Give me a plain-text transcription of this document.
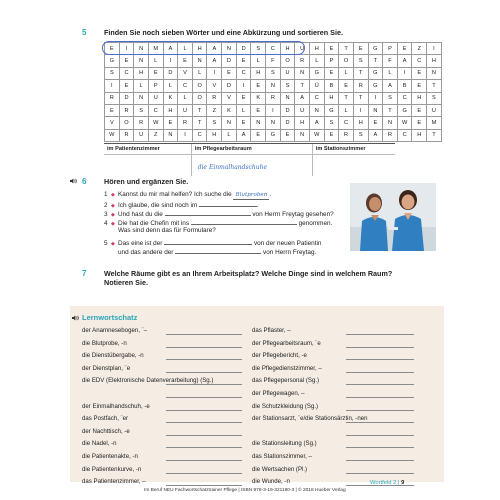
5 Finden Sie noch sieben Wörter und eine Abkürzung und sortieren Sie.
E	I	N	M	A	L	H	A	N	D	S	C	H	U	H	E	T	E	G	P	E	Z	I
G	E	N	L	I	E	N	A	D	E	L	F	O	R	L	P	O	S	T	F	A	C	H
S	C	H	E	D	V	L	I	E	C	H	S	U	N	G	E	L	T	G	L	I	E	N
I	E	L	P	L	C	O	V	D	I	E	N	S	T	Ü	B	E	R	G	A	B	E	T
R	D	N	U	K	L	O	R	V	E	K	R	N	A	C	H	T	T	I	S	C	H	S
E	R	S	C	H	U	T	Z	K	L	E	I	D	U	N	G	L	I	N	T	G	E	U
V	O	R	W	E	R	T	S	N	E	N	N	D	H	A	S	C	H	E	N	W	E	M
W	R	U	Z	N	I	C	H	L	A	E	G	E	N	W	E	R	S	A	R	C	H	T
im Patientenzimmer	im Pflegearbeitsraum	im Stationszimmer
	die Einmalhandschuhe	
6 Hören und ergänzen Sie.
1 ◆ Kannst du mir mal helfen? Ich suche die Blutproben .
2 ◆ Ich glaube, die sind noch im	.
3 ◆ Und hast du die	von Herrn Freytag gesehen?
4 ◆ Die hat die Chefin mit ins	genommen.
Was sind denn das für Formulare?
5 ◆ Das eine ist der	von der neuen Patientin
und das andere der	von Herrn Freytag.
7 Welche Räume gibt es an Ihrem Arbeitsplatz? Welche Dinge sind in welchem Raum? Notieren Sie.
Lernwortschatz
der Anamnesebogen, ¨–
die Blutprobe, -n
die Dienstübergabe, -n
der Dienstplan, ¨e
die EDV (Elektronische Datenverarbeitung) (Sg.)
der Einmalhandschuh, -e
das Postfach, ¨er
der Nachttisch, -e
die Nadel, -n
die Patientenakte, -n
die Patientenkurve, -n
das Patientenzimmer, –
das Pflaster, –
der Pflegearbeitsraum, ¨e
der Pflegebericht, -e
die Pflegedienstzimmer, –
das Pflegepersonal (Sg.)
der Pflegewagen, –
die Schutzkleidung (Sg.)
der Stationsarzt, ¨e/die Stationsärztin, -nen
die Stationsleitung (Sg.)
das Stationszimmer, –
die Wertsachen (Pl.)
die Wunde, -n	Wortfeld 2 | 9
Im Beruf NEU Fachwortschatztrainer Pflege | ISBN 978-3-19-321190-3 | © 2018 Hueber Verlag
